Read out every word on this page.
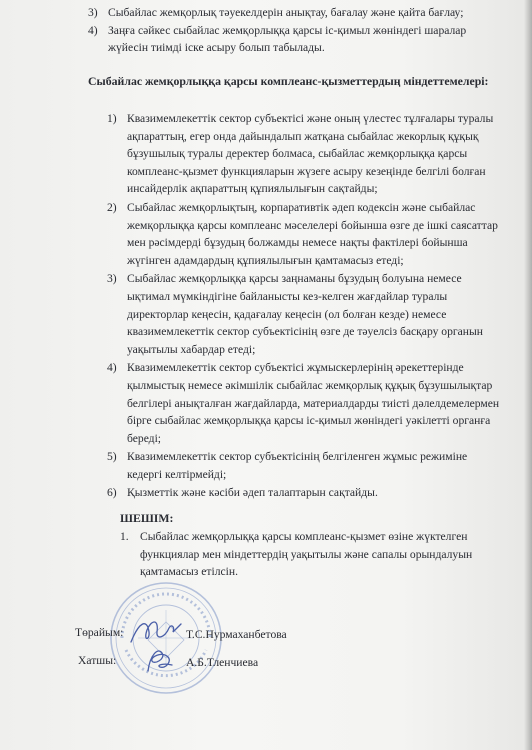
3) Сыбайлас жемқорлық тәуекелдерін анықтау, бағалау және қайта бағлау;
4) Заңға сәйкес сыбайлас жемқорлыққа қарсы іс-қимыл жөніндегі шаралар жүйесін тиімді іске асыру болып табылады.
Сыбайлас жемқорлыққа қарсы комплеанс-қызметтердың міндеттемелері:
1) Квазимемлекеттік сектор субъектісі және оның үлестес тұлғалары туралы ақпараттың, егер онда дайындалып жатқана сыбайлас жекорлық құқық бұзушылық туралы деректер болмаса, сыбайлас жемқорлыққа қарсы комплеанс-қызмет функцияларын жүзеге асыру кезеңінде белгілі болған инсайдерлік ақпараттың құпиялылығын сақтайды;
2) Сыбайлас жемқорлықтың, корпаративтік әдеп кодексін және сыбайлас жемқорлыққа қарсы комплеанс мәселелері бойынша өзге де ішкі саясаттар мен рәсімдерді бұзудың болжамды немесе нақты фактілері бойынша жүгінген адамдардың құпиялылығын қамтамасыз етеді;
3) Сыбайлас жемқорлыққа қарсы заңнаманы бұзудың болуына немесе ықтимал мүмкіндігіне байланысты кез-келген жағдайлар туралы директорлар кеңесін, қадағалау кеңесін (ол болған кезде) немесе квазимемлекеттік сектор субъектісінің өзге де тәуелсіз басқару органын уақытылы хабардар етеді;
4) Квазимемлекеттік сектор субъектісі жұмыскерлерінің әрекеттерінде қылмыстық немесе әкімшілік сыбайлас жемқорлық құқық бұзушылықтар белгілері анықталған жағдайларда, материалдарды тиісті дәлелдемелермен бірге сыбайлас жемқорлыққа қарсы іс-қимыл жөніндегі уәкілетті органға береді;
5) Квазимемлекеттік сектор субъектісінің белгіленген жұмыс режиміне кедергі келтірмейді;
6) Қызметтік және кәсіби әдеп талаптарын сақтайды.
ШЕШІМ:
1. Сыбайлас жемқорлыққа қарсы комплеанс-қызмет өзіне жүктелген функциялар мен міндеттердің уақытылы және сапалы орындалуын қамтамасыз етілсін.
Төрайым:	Т.С.Нурмаханбетова
Хатшы:	А.Б.Тленчиева
